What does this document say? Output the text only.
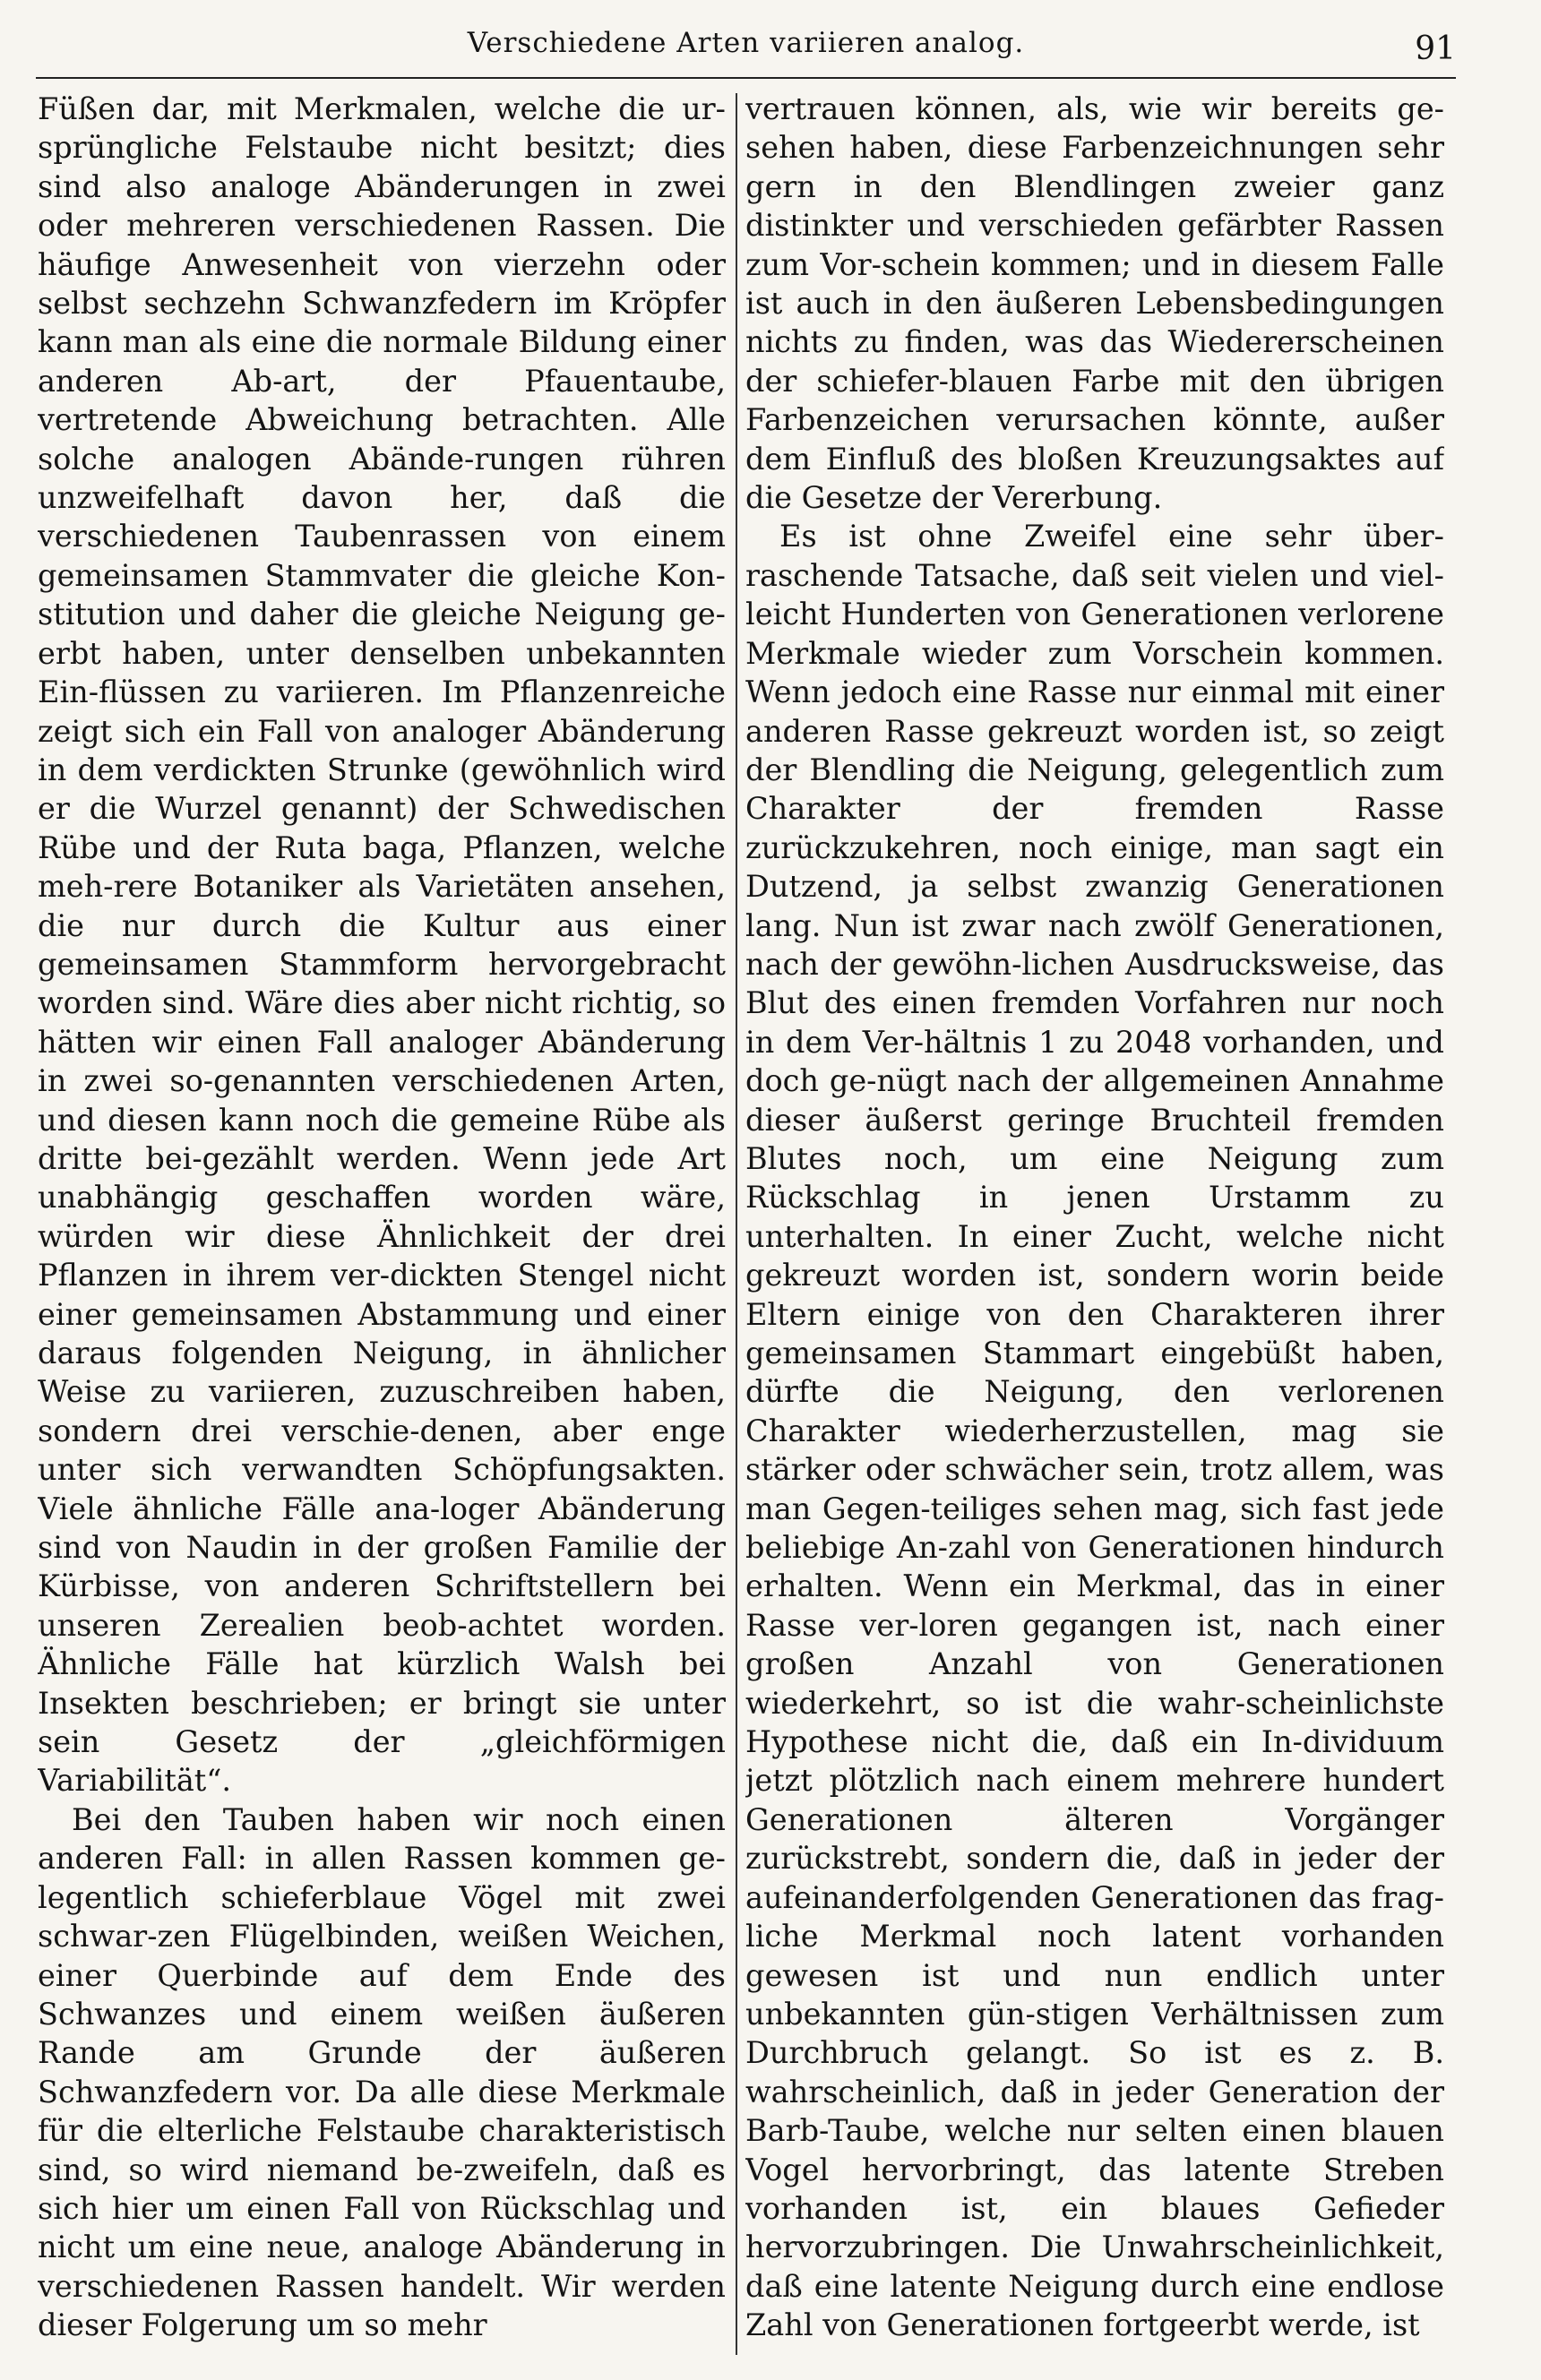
Verschiedene Arten variieren analog.	91

Füßen dar, mit Merkmalen, welche die ur-sprüngliche Felstaube nicht besitzt; dies sind also analoge Abänderungen in zwei oder mehreren verschiedenen Rassen. Die häufige Anwesenheit von vierzehn oder selbst sechzehn Schwanzfedern im Kröpfer kann man als eine die normale Bildung einer anderen Ab-art, der Pfauentaube, vertretende Abweichung betrachten. Alle solche analogen Abände-rungen rühren unzweifelhaft davon her, daß die verschiedenen Taubenrassen von einem gemeinsamen Stammvater die gleiche Kon-stitution und daher die gleiche Neigung ge-erbt haben, unter denselben unbekannten Ein-flüssen zu variieren. Im Pflanzenreiche zeigt sich ein Fall von analoger Abänderung in dem verdickten Strunke (gewöhnlich wird er die Wurzel genannt) der Schwedischen Rübe und der Ruta baga, Pflanzen, welche meh-rere Botaniker als Varietäten ansehen, die nur durch die Kultur aus einer gemeinsamen Stammform hervorgebracht worden sind. Wäre dies aber nicht richtig, so hätten wir einen Fall analoger Abänderung in zwei so-genannten verschiedenen Arten, und diesen kann noch die gemeine Rübe als dritte bei-gezählt werden. Wenn jede Art unabhängig geschaffen worden wäre, würden wir diese Ähnlichkeit der drei Pflanzen in ihrem ver-dickten Stengel nicht einer gemeinsamen Abstammung und einer daraus folgenden Neigung, in ähnlicher Weise zu variieren, zuzuschreiben haben, sondern drei verschie-denen, aber enge unter sich verwandten Schöpfungsakten. Viele ähnliche Fälle ana-loger Abänderung sind von Naudin in der großen Familie der Kürbisse, von anderen Schriftstellern bei unseren Zerealien beob-achtet worden. Ähnliche Fälle hat kürzlich Walsh bei Insekten beschrieben; er bringt sie unter sein Gesetz der „gleichförmigen Variabilität“.

Bei den Tauben haben wir noch einen anderen Fall: in allen Rassen kommen ge-legentlich schieferblaue Vögel mit zwei schwar-zen Flügelbinden, weißen Weichen, einer Querbinde auf dem Ende des Schwanzes und einem weißen äußeren Rande am Grunde der äußeren Schwanzfedern vor. Da alle diese Merkmale für die elterliche Felstaube charakteristisch sind, so wird niemand be-zweifeln, daß es sich hier um einen Fall von Rückschlag und nicht um eine neue, analoge Abänderung in verschiedenen Rassen handelt. Wir werden dieser Folgerung um so mehr

vertrauen können, als, wie wir bereits ge-sehen haben, diese Farbenzeichnungen sehr gern in den Blendlingen zweier ganz distinkter und verschieden gefärbter Rassen zum Vor-schein kommen; und in diesem Falle ist auch in den äußeren Lebensbedingungen nichts zu finden, was das Wiedererscheinen der schiefer-blauen Farbe mit den übrigen Farbenzeichen verursachen könnte, außer dem Einfluß des bloßen Kreuzungsaktes auf die Gesetze der Vererbung.

Es ist ohne Zweifel eine sehr über-raschende Tatsache, daß seit vielen und viel-leicht Hunderten von Generationen verlorene Merkmale wieder zum Vorschein kommen. Wenn jedoch eine Rasse nur einmal mit einer anderen Rasse gekreuzt worden ist, so zeigt der Blendling die Neigung, gelegentlich zum Charakter der fremden Rasse zurückzukehren, noch einige, man sagt ein Dutzend, ja selbst zwanzig Generationen lang. Nun ist zwar nach zwölf Generationen, nach der gewöhn-lichen Ausdrucksweise, das Blut des einen fremden Vorfahren nur noch in dem Ver-hältnis 1 zu 2048 vorhanden, und doch ge-nügt nach der allgemeinen Annahme dieser äußerst geringe Bruchteil fremden Blutes noch, um eine Neigung zum Rückschlag in jenen Urstamm zu unterhalten. In einer Zucht, welche nicht gekreuzt worden ist, sondern worin beide Eltern einige von den Charakteren ihrer gemeinsamen Stammart eingebüßt haben, dürfte die Neigung, den verlorenen Charakter wiederherzustellen, mag sie stärker oder schwächer sein, trotz allem, was man Gegen-teiliges sehen mag, sich fast jede beliebige An-zahl von Generationen hindurch erhalten. Wenn ein Merkmal, das in einer Rasse ver-loren gegangen ist, nach einer großen Anzahl von Generationen wiederkehrt, so ist die wahr-scheinlichste Hypothese nicht die, daß ein In-dividuum jetzt plötzlich nach einem mehrere hundert Generationen älteren Vorgänger zurückstrebt, sondern die, daß in jeder der aufeinanderfolgenden Generationen das frag-liche Merkmal noch latent vorhanden gewesen ist und nun endlich unter unbekannten gün-stigen Verhältnissen zum Durchbruch gelangt. So ist es z. B. wahrscheinlich, daß in jeder Generation der Barb-Taube, welche nur selten einen blauen Vogel hervorbringt, das latente Streben vorhanden ist, ein blaues Gefieder hervorzubringen. Die Unwahrscheinlichkeit, daß eine latente Neigung durch eine endlose Zahl von Generationen fortgeerbt werde, ist
